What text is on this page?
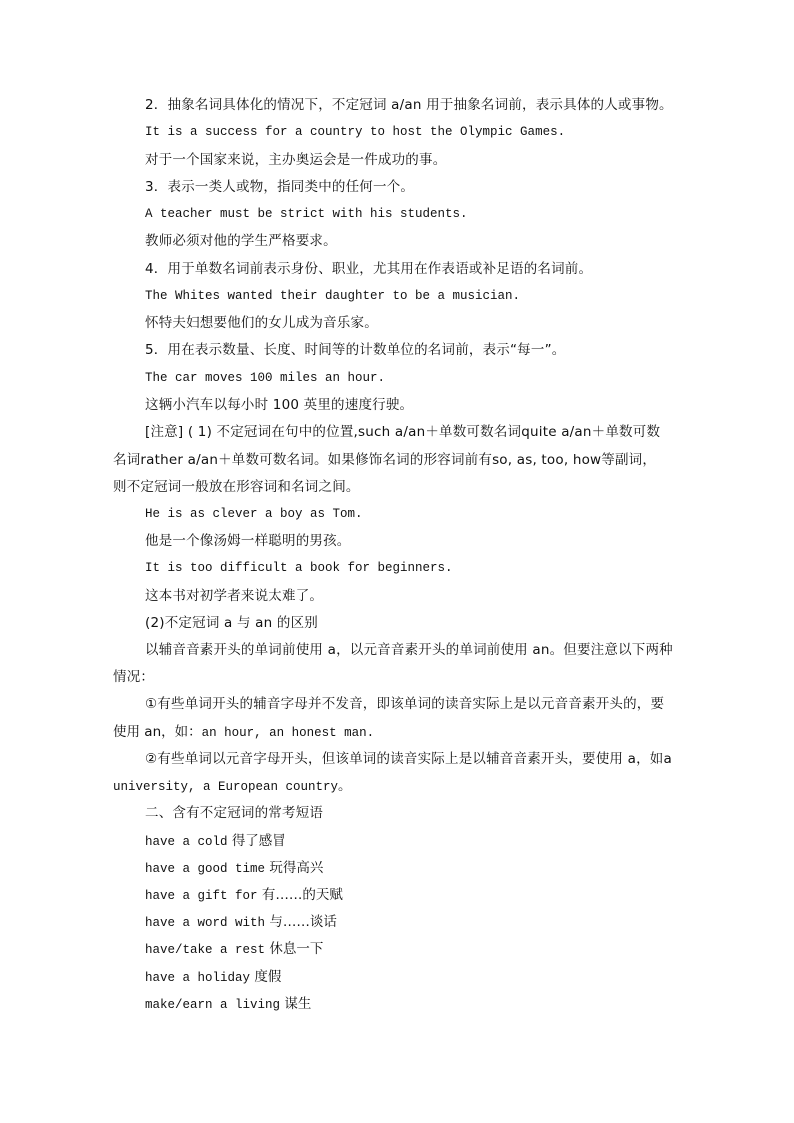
2．抽象名词具体化的情况下，不定冠词 a/an 用于抽象名词前，表示具体的人或事物。
It is a success for a country to host the Olympic Games.
对于一个国家来说，主办奥运会是一件成功的事。
3．表示一类人或物，指同类中的任何一个。
A teacher must be strict with his students.
教师必须对他的学生严格要求。
4．用于单数名词前表示身份、职业，尤其用在作表语或补足语的名词前。
The Whites wanted their daughter to be a musician.
怀特夫妇想要他们的女儿成为音乐家。
5．用在表示数量、长度、时间等的计数单位的名词前，表示“每一”。
The car moves 100 miles an hour.
这辆小汽车以每小时 100 英里的速度行驶。
[注意] ( 1) 不定冠词在句中的位置,such a/an＋单数可数名词quite a/an＋单数可数
名词rather a/an＋单数可数名词。如果修饰名词的形容词前有so, as, too, how等副词，
则不定冠词一般放在形容词和名词之间。
He is as clever a boy as Tom.
他是一个像汤姆一样聪明的男孩。
It is too difficult a book for beginners.
这本书对初学者来说太难了。
(2)不定冠词 a 与 an 的区别
以辅音音素开头的单词前使用 a，以元音音素开头的单词前使用 an。但要注意以下两种
情况：
①有些单词开头的辅音字母并不发音，即该单词的读音实际上是以元音音素开头的，要
使用 an，如：an hour, an honest man.
②有些单词以元音字母开头，但该单词的读音实际上是以辅音音素开头，要使用 a，如a
university, a European country。
二、含有不定冠词的常考短语
have a cold 得了感冒
have a good time 玩得高兴
have a gift for 有……的天赋
have a word with 与……谈话
have/take a rest 休息一下
have a holiday 度假
make/earn a living 谋生
